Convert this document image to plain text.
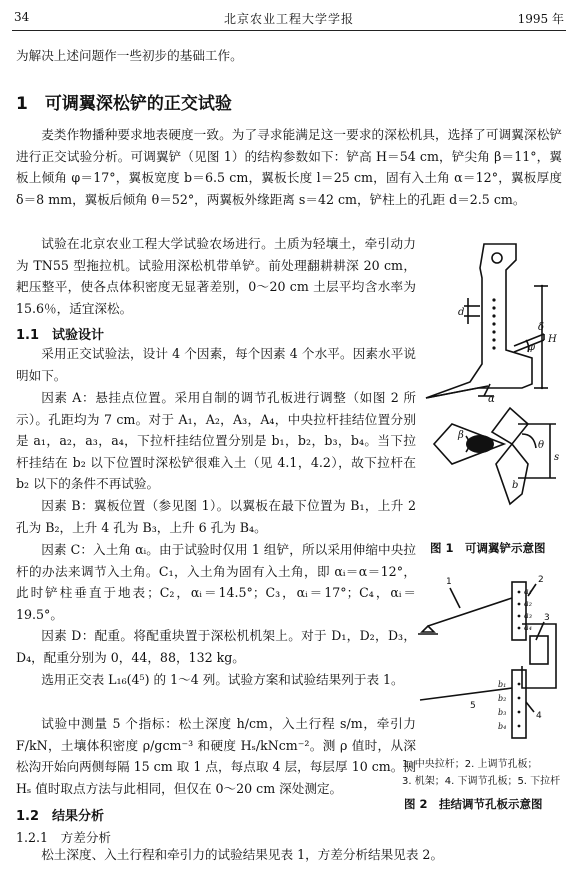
34	北京农业工程大学学报	1995 年
为解决上述问题作一些初步的基础工作。
1　可调翼深松铲的正交试验
麦类作物播种要求地表硬度一致。为了寻求能满足这一要求的深松机具，选择了可调翼深松铲进行正交试验分析。可调翼铲（见图 1）的结构参数如下：铲高 H＝54 cm，铲尖角 β＝11°，翼板上倾角 φ＝17°，翼板宽度 b＝6.5 cm，翼板长度 l＝25 cm，固有入土角 α＝12°，翼板厚度 δ＝8 mm，翼板后倾角 θ＝52°，两翼板外缘距离 s＝42 cm，铲柱上的孔距 d＝2.5 cm。
试验在北京农业工程大学试验农场进行。土质为轻壤土，牵引动力为 TN55 型拖拉机。试验用深松机带单铲。前处理翻耕耕深 20 cm，耙压整平，使各点体积密度无显著差别，0～20 cm 土层平均含水率为 15.6％，适宜深松。
1.1　试验设计
采用正交试验法，设计 4 个因素，每个因素 4 个水平。因素水平说明如下。
因素 A：悬挂点位置。采用自制的调节孔板进行调整（如图 2 所示）。孔距均为 7 cm。对于 A₁，A₂，A₃，A₄，中央拉杆挂结位置分别是 a₁，a₂，a₃，a₄，下拉杆挂结位置分别是 b₁，b₂，b₃，b₄。当下拉杆挂结在 b₂ 以下位置时深松铲很难入土（见 4.1，4.2），故下拉杆在 b₂ 以下的条件不再试验。
因素 B：翼板位置（参见图 1）。以翼板在最下位置为 B₁，上升 2 孔为 B₂，上升 4 孔为 B₃，上升 6 孔为 B₄。
因素 C：入土角 αᵢ。由于试验时仅用 1 组铲，所以采用伸缩中央拉杆的办法来调节入土角。C₁，入土角为固有入土角，即 αᵢ＝α＝12°，此时铲柱垂直于地表；C₂，αᵢ＝14.5°；C₃，αᵢ＝17°；C₄，αᵢ＝19.5°。
因素 D：配重。将配重块置于深松机机架上。对于 D₁，D₂，D₃，D₄，配重分别为 0，44，88，132 kg。
选用正交表 L₁₆(4⁵) 的 1～4 列。试验方案和试验结果列于表 1。
试验中测量 5 个指标：松土深度 h/cm，入土行程 s/m，牵引力 F/kN，土壤体积密度 ρ/gcm⁻³ 和硬度 Hₛ/kNcm⁻²。测 ρ 值时，从深松沟开始向两侧每隔 15 cm 取 1 点，每点取 4 层，每层厚 10 cm。测 Hₛ 值时取点方法与此相同，但仅在 0～20 cm 深处测定。
1.2　结果分析
1.2.1　方差分析
松土深度、入土行程和牵引力的试验结果见表 1，方差分析结果见表 2。
d
H
δ
φ
α
θ
β
s
b
图 1　可调翼铲示意图
1	2
3
4
5
a₁
a₂
a₃
a₄
b₁
b₂
b₃
b₄
1. 中央拉杆；2. 上调节孔板；
3. 机架；4. 下调节孔板；5. 下拉杆
图 2　挂结调节孔板示意图
